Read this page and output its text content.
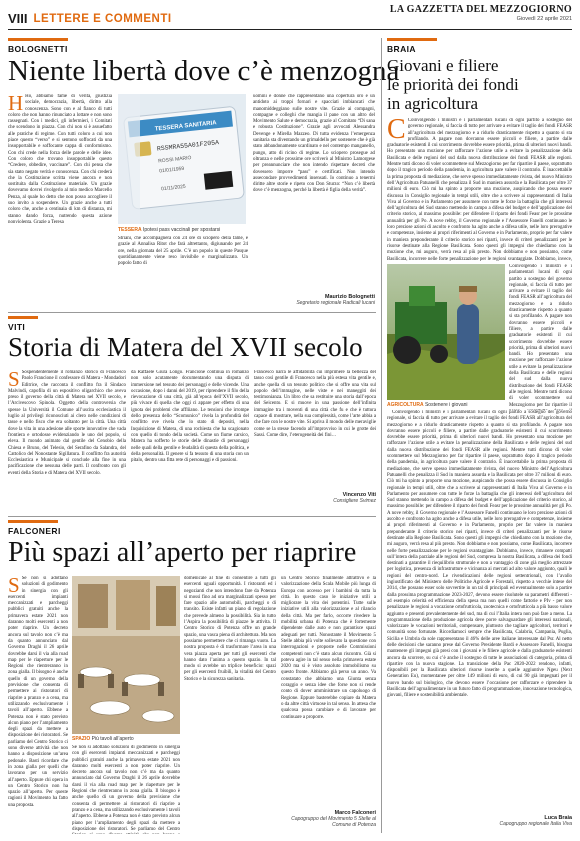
VIII LETTERE E COMMENTI
LA GAZZETTA DEL MEZZOGIORNO
Giovedì 22 aprile 2021
BOLOGNETTI
Niente libertà dove c’è menzogna

H Ho, abbiamo fame di verità, giustizia sociale, democrazia, libertà, diritto alla conoscenza. Sono con e al fianco di tutti coloro che non hanno rinunciato a lottare e non sono rassegnati. Con i medici, gli infermieri, i Comitati che scendono in piazza. Con chi non si è assuefatto alle pratiche di regime. Con tutti coloro a cui non piace questo “verso” e si sentono soffocati da una insopportabile e soffocante cappa di conformismo. Con chi crede nella forza delle parole e delle idee. Con coloro che trovano insopportabile questo “Credere, obbedire, vaccinare”. Con chi pensa che sia stato negato verità e conoscenza. Con chi crederà che la Costituzione scritta viene ancora e non sostituita dalla Costituzione materiale. Un grazie dovevamo dovrei rivolgerlo al mio medico Marcello Penza, al quale ho detto che non posso accogliere il suo invito a sospendere. Un grazie anche a tutti coloro che, anche a centinaia di km di distanza, mi stanno dando forza, nutrendo questa azione nonviolenta. Grazie a Teresa

TESSERA SANITARIA
RSSMRA55A01F205A
ROSSI MARIO
01/01/1959
01/11/2025
TESSERA Ipotesi pass vaccinali per spostarsi

Striani, che accompagnerà con 24 ore di sciopero della fame, e grazie al Annalisa Ritot che farà altrettanto, digiunando per 24 ore, nella giornata del 25 aprile. C’è un popolo in queste Pasque quotidianamente viene reso invisibile e marginalizzato. Un popolo fatto di

uomini e donne che rappresentano una copertura oro e un antidoto ai troppi fornari e spacciati imbiancati che manomiddeggiano sulle nostre vite. Grazie ai compagni, compagne e colleghi che mangia il pane con un altro del Movimento Salute e democrazia, grazie al Comitato “Di sana e robusta Costituzione”. Grazie agli avvocati Alessandra Devenge e Mirella Mazzeo. Di tutta evidenza l’emergenza sanitaria sta diventando un grimaldello per sostenere che è già stato abbandonamente scardinato e nel contempo manganello, pungo, atto di ricino di regime. Lo sciopero prosegue ad oltranza e nelle prossime ore scriverò al Ministro Lamorgese per preannunciare che non intendo rispettare decreti che dovessero imporre “pass” e certificati. Non intendo assecondare provvedimenti insensati. Io continuo a tenermi diritte altre storie e ripeto con Don Sturzo: “Non c’è libertà dove c’è menzogna, perché la libertà è figlia della verità”.

Maurizio Bolognetti
Segretario regionale Radicali lucani
BRAIA
Giovani e filiere
le priorità dei fondi
in agricoltura

C Coinvolgendo i ministri e i parlamentari lucani di ogni partito a sostegno del governo regionale, si faccia di tutto per arrivare a evitare il taglio dei fondi FEASR all’agricoltura del mezzogiorno e a ridurlo drasticamente rispetto a quanto si sta profilando. A pagare non dovranno essere piccoli e filiere, a partire dalle graduatorie esistenti il cui scorrimento dovrebbe essere priorità, prima di ulteriori nuovi bandi. Ho presentato una mozione per rafforzare l’azione utile a evitare la penalizzazione della Basilicata e delle regioni del sud dalla nuova distribuzione dei fondi FEASR alle regioni. Mentre tutti dicono di voler scommettere sul Mezzogiorno per far ripartire il paese, soprattutto dopo il tragico periodo della pandemia, in agricoltura pare valere il contrario. È inaccettabile la prima proposta di mediazione, che serve spesso immediatamente rivista, del nuovo Ministro dell’Agricoltura Patuanelli che penalizza il Sud in maniera assurda e la Basilicata per oltre 37 milioni di euro. Ciò mi ha spinto a proporre una mozione, auspicando che possa essere discussa in Consiglio regionale in tempi utili, oltre che a scrivere ai rappresentanti di Italia Viva al Governo e in Parlamento per assumere con tutte le forze la battaglia che gli interessi dell’agricoltura del Sud stanno mettendo in campo a difesa del budget e dell’applicazione del criterio storico, al massimo possibile: per difendere il riparto dei fondi Feasr per le prossime annualità per gli Po. A nove rebby, il Governo regionale e l’Assessore Fanelli continuano le loro preziose azioni di ascolto e confronto ha agito anche a difesa utile, nelle loro prerogative e competenze, insieme ai propri riferimenti al Governo e in Parlamento, proprio per far valere in maniera preponderante il criterio storico nei riparti, invece di criteri penalizzanti per le risorse destinate alla Regione Basilicata. Sono questi gli impegni che chiediamo con la mozione che, mi auguro, verrà resa al più presto. Non dobbiamo e non possiamo, come Basilicata, incorrere nelle forte penalizzazione per le regioni svantaggiate. Dobbiamo, invece,

AGRICOLTURA Sostenere i giovani

Coinvolgendo i ministri e i parlamentari lucani di ogni partito a sostegno del governo regionale, si faccia di tutto per arrivare a evitare il taglio dei fondi FEASR all’agricoltura del mezzogiorno e a ridurlo drasticamente rispetto a quanto si sta profilando. A pagare non dovranno essere piccoli e filiere, a partire dalle graduatorie esistenti il cui scorrimento dovrebbe essere priorità, prima di ulteriori nuovi bandi. Ho presentato una mozione per rafforzare l’azione utile a evitare la penalizzazione della Basilicata e delle regioni del sud dalla nuova distribuzione dei fondi FEASR alle regioni. Mentre tutti dicono di voler scommettere sul Mezzogiorno per far ripartire il

Coinvolgendo i ministri e i parlamentari lucani di ogni partito a sostegno del governo regionale, si faccia di tutto per arrivare a evitare il taglio dei fondi FEASR all’agricoltura del mezzogiorno e a ridurlo drasticamente rispetto a quanto si sta profilando. A pagare non dovranno essere piccoli e filiere, a partire dalle graduatorie esistenti il cui scorrimento dovrebbe essere priorità, prima di ulteriori nuovi bandi. Ho presentato una mozione per rafforzare l’azione utile a evitare la penalizzazione della Basilicata e delle regioni del sud dalla nuova distribuzione dei fondi FEASR alle regioni. Mentre tutti dicono di voler scommettere sul Mezzogiorno per far ripartire il paese, soprattutto dopo il tragico periodo della pandemia, in agricoltura pare valere il contrario. È inaccettabile la prima proposta di mediazione, che serve spesso immediatamente rivista, del nuovo Ministro dell’Agricoltura Patuanelli che penalizza il Sud in maniera assurda e la Basilicata per oltre 37 milioni di euro. Ciò mi ha spinto a proporre una mozione, auspicando che possa essere discussa in Consiglio regionale in tempi utili, oltre che a scrivere ai rappresentanti di Italia Viva al Governo e in Parlamento per assumere con tutte le forze la battaglia che gli interessi dell’agricoltura del Sud stanno mettendo in campo a difesa del budget e dell’applicazione del criterio storico, al massimo possibile: per difendere il riparto dei fondi Feasr per le prossime annualità per gli Po. A nove rebby, il Governo regionale e l’Assessore Fanelli continuano le loro preziose azioni di ascolto e confronto ha agito anche a difesa utile, nelle loro prerogative e competenze, insieme ai propri riferimenti al Governo e in Parlamento, proprio per far valere in maniera preponderante il criterio storico nei riparti, invece di criteri penalizzanti per le risorse destinate alla Regione Basilicata. Sono questi gli impegni che chiediamo con la mozione che, mi auguro, verrà resa al più presto. Non dobbiamo e non possiamo, come Basilicata, incorrere nelle forte penalizzazione per le regioni svantaggiate. Dobbiamo, invece, rimanere compatti sull’intera della parziale alle regioni del Sud, compresa la nostra Basilicata, a difesa dei fondi destinati a garantire il riequilibrio strutturale e non a vantaggio di zone già meglio attrezzate per logistica, presenza di infrastrutture e vicinanza ai mercati ad alto valore aggiunto, quali le regioni del centro-nord. Le rivendicazioni delle regioni settentrionali, con l’avallo ingiustificato del Ministero delle Politiche Agricole e Forestali, rispetto a vecchie intese del 2014, che possano esser solo sovvertite in un tal di principali ed eventualmente solo a partire dalla prossima programmazione 2023-2027, devono essere risolutele su parametri differenti - ad esempio celerità ed efficienza della spesa ma non quelli come fattorie e PIv - per non penalizzare le regioni a vocazione ortofrutticola, zootecnica e ortofrutticola a più basso valore aggiunto e presenti prevalentemente del sud, ma di cui l’Italia intera non può fare a meno. La programmazione della produzione agricola deve porre salvaguardare gli interessi nazionali, valorizzare le vocazioni territoriali, compensare, piuttosto che tagliare agricoltori, territori e comunità sono fortunate. Ricordiamoci sempre che Basilicata, Calabria, Campania, Puglia, Sicilia e Umbria da sole rappresentano il 46% delle aree italiane interessate dal Psr. Al netto delle decisioni che saranno prese dal Governo Presidente Bardi e Assessore Fanelli, bisogna mantenere gli impegni già presi con i giovani e le filiere agricole e dalla graduatorie esistenti ancora da scorrere, su cui c’è anche il sostegno di tutte le associazioni di categoria, prima di ripartire con la nuova stagione. La transizione della Pac 2020-2022 rendono, infatti, disponibili per la Basilicata ulteriori risorse inserite a quelle aggiuntive Ngeu (Next Generation Eu), momentanee per oltre 149 milioni di euro, di cui 90 già impegnati per il nuovo bando sul biologico, che devono essere l’occasione per rafforzare e riprendere la Basilicata dell’agroalimentare in un futuro fatto di programmazione, innovazione tecnologica, giovani, filiere e sostenibilità ambientale.

Luca Braia
Capogruppo regionale Italia Viva
VITI
Storia di Matera del XVII secolo

S Sospendentemente il romanzo storico di Francesco Paolo Francione il confessore di Matera - Mondadori Editrice, che racconta il conflitto fra il Sindaco Malvindi, capofila di un espositivo oligarchico che aveva preso il governo della città di Matera nel XVII secolo, e l’Arcivescovo Spinola. Oggetto della controversia che spesse la Università il Comune all’uscita ecclesiastica il luglio al privilegi riconosciuti ai clero nelle condizioni di tasse e nello fisco che era soltanto per la città. Una città dove la vita in una adesione alle sporte innovative che vada frontiera e ortodosse evidenziando le uno del popolo, si eleva. Il mondo animato dal gentile del Cenobio della Chiesa e Bruno, del Telesio, del Serafino da Salandra, del Cattolico del Nonostante Sigillatura. Il conflitto fra autorità Ecclesiastica e Municipale si conclude alla fine in una pacificazione che nessuna delle parti. Il confronto con gli eventi della Storia e di Matera del XVII secolo.

da Raffaele Giura Longo. Francione continua in romanzo non solo acutamente documentando una disputa di immersione nel tessuto dei personaggi e delle vicende. Una occasione, dopo i danni del 2019, per riprendere il filo della rievocazione di una città, già all’epoca dell’XVII secolo, più vivace di quella che oggi ci appare per effetto di una ignota dei problemi che affliiano. Le tensioni che irrompe dello presenza dello “Scomunico” rivela la profondità del conflitto ove rivela che lo stato di depositi, nella Inquisizione di Matera, di una rochiesta che ha scagionato con quello di tondo della società. Come un fiume carsico, Matera ha sofferto le storie delle dinastie di personaggi nelle quali della gentile e feudalità di questa della politica, e della personalità. Il genere si fa tessuto di una storia con un pitalo, dentro una fitta rete di personaggi e di passioni.

Francesco narra le affidabilità cui imprimere la bellezza del tasso così gentile di Francesco nella più estesa vita gentile e, anche quella di un tessuto politico che si offre una vita sul popolo dell’immagine, nelle viste e nei maneggiti dei testimonianza. Un libro che sa restituire una storia dall’epoca del Seicento. E si muove in una passione dell’infinita immagine tra i moventi di una città che fu e che è tuttora capace di mostrare, nella sua complessità, come l’arte abbia a che fare con le nostre vite. Si apriva il mondo delle meraviglie come se la stesse facendo all’improvviso in cui le grotte dei Sassi. Come dire, l’eterogeneità dei fini…

Vincenzo Viti
Consigliere Svimez
FALCONERI
Più spazi all’aperto per riaprire

S Se non si adottano soluzioni di godimento in sinergia con gli esercenti impianti meccanizzati e parcheggi pubblici gratuiti anche la primavera estate 2021 non daranno molti esercenti a non poter riaprire. Un decreto ancora sul tavolo non c’è ma da quanto annunciato dal Governo Draghi il 26 aprile dovrebbe darsi il via alla road map per le riaperture per le Regioni che rientreranno in zona gialla. Il bisogno è anche quello di un governo della previsione che consenta di permettere ai ristoratori di riaprire a pranzo e a cena, ma utilizzando esclusivamente i tavoli all’aperto. Ebbene a Potenza non è stato previsto alcun piano per l’ampliamento degli spazi da mettere a disposizione dei ristoratori. Se parliamo del Centro Storico ci sono diverse attività che non hanno a disposizione un’area pedonale. Basti ricordare che in zona gialla per quelli che lavorano per un servizio all’aperto. Eppure chi opera in un Centro Storico non ha spazio all’aperto. Per queste ragioni il Movimento ha fatto una proposta.

SPAZIO Più tavoli all’aperto

Se non si adottano soluzioni di godimento in sinergia con gli esercenti impianti meccanizzati e parcheggi pubblici gratuiti anche la primavera estate 2021 non daranno molti esercenti a non poter riaprire. Un decreto ancora sul tavolo non c’è ma da quanto annunciato dal Governo Draghi il 26 aprile dovrebbe darsi il via alla road map per le riaperture per le Regioni che rientreranno in zona gialla. Il bisogno è anche quello di un governo della previsione che consenta di permettere ai ristoratori di riaprire a pranzo e a cena, ma utilizzando esclusivamente i tavoli all’aperto. Ebbene a Potenza non è stato previsto alcun piano per l’ampliamento degli spazi da mettere a disposizione dei ristoratori. Se parliamo del Centro

domenicale al fine di consentire a tutti gli esercenti uguali opportunità. I ristoranti ed i negozianti che non intendono fare da Potenza si mossi fino ad ora marginalizzati spesso per fare spazio alle automobili, parcheggi o di transito. Esiste infatti un piano di regolazione che prevede almeno la possibilità. Sia in tutto l’Aspira la possibilità di piazze le attivita. Il Centro Storico di Potenza offre un grande spazio, una vasca piena di architettura. Ma non possiamo permettere che ci rimanga vuoto. La nostra proposta è di trasformare l’area in una vera piazza aperta per tutti gli esercenti che hanno dato l’anima a questo spazio. In tal modo si avrebbe un triplice beneficio: spazi per gli esercenti fruibili, la vitalità del Centro Storico e la sicurezza sanitaria.

un Centro Storico finalmente attrattivo e la valorizzazione della Scala Mobile più lunga di Europa con accesso per i bambini da tutta la città. In questo caso le iniziative utili a migliorare la vita dei potentini. Tutte sulle iniziative utili alla valorizzazione e al rilancio della città. Ma per farlo, occorre rivedere la mobilità urbana di Potenza che è fortemente dipendente dalle auto e non garantisce spazi adeguati per tutti. Nonostante il Movimento 5 Stelle abbia più volte sollevato la questione con interrogazioni e proposte nelle Commissioni competenti non c’è stato alcun riscontro. Già si poteva agire in tal senso nella primavera estate 2020 ma si è visto assoluto immobilismo su questo fronte. Abbiamo già perso un anno. Va constatato che abbiamo una Giunta senza coraggio e senza idee che forse non si rende conto di dover amministrare un capoluogo di Regione. Eppure basterebbe copiare da Matera o da altre città virtuose in tal senso. In attesa che qualcosa possa cambiare e di lavorare per continuare a proporre.

Marco Falconeri
Capogruppo del Movimento 5 Stelle al Comune di Potenza
